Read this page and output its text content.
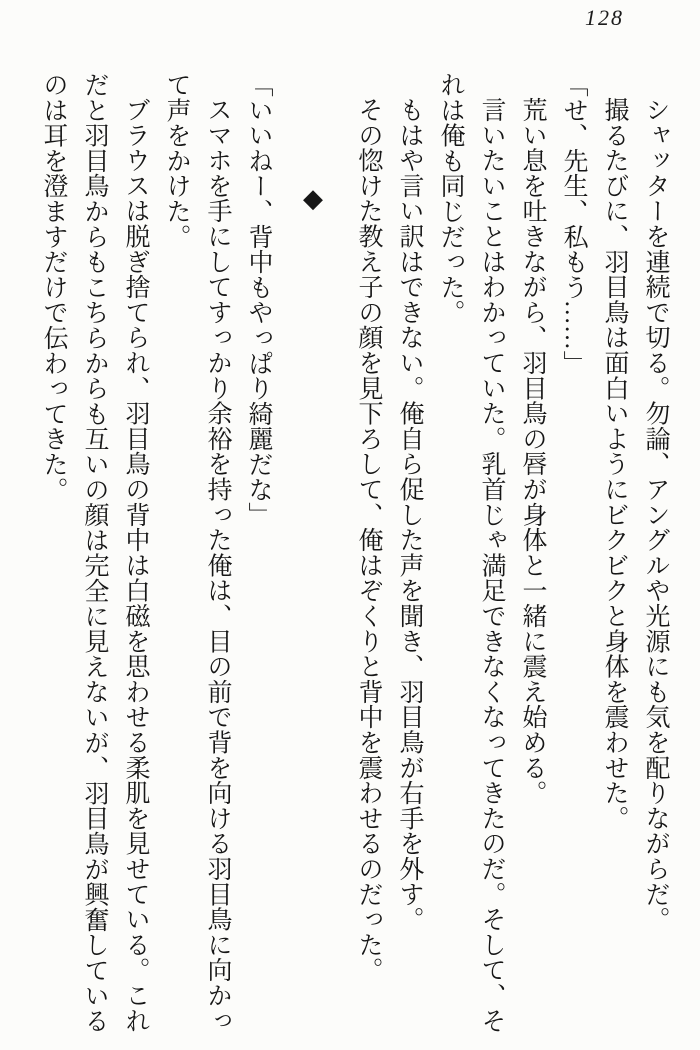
128

シャッターを連続で切る。勿論、アングルや光源にも気を配りながらだ。

撮るたびに、羽目鳥は面白いようにビクビクと身体を震わせた。

「せ、先生、私もう……」

荒い息を吐きながら、羽目鳥の唇が身体と一緒に震え始める。

言いたいことはわかっていた。乳首じゃ満足できなくなってきたのだ。そして、そ

れは俺も同じだった。

もはや言い訳はできない。俺自ら促した声を聞き、羽目鳥が右手を外す。

その惚けた教え子の顔を見下ろして、俺はぞくりと背中を震わせるのだった。

◆

「いいねー、背中もやっぱり綺麗だな」

スマホを手にしてすっかり余裕を持った俺は、目の前で背を向ける羽目鳥に向かっ

て声をかけた。

ブラウスは脱ぎ捨てられ、羽目鳥の背中は白磁を思わせる柔肌を見せている。これ

だと羽目鳥からもこちらからも互いの顔は完全に見えないが、羽目鳥が興奮している

のは耳を澄ますだけで伝わってきた。
